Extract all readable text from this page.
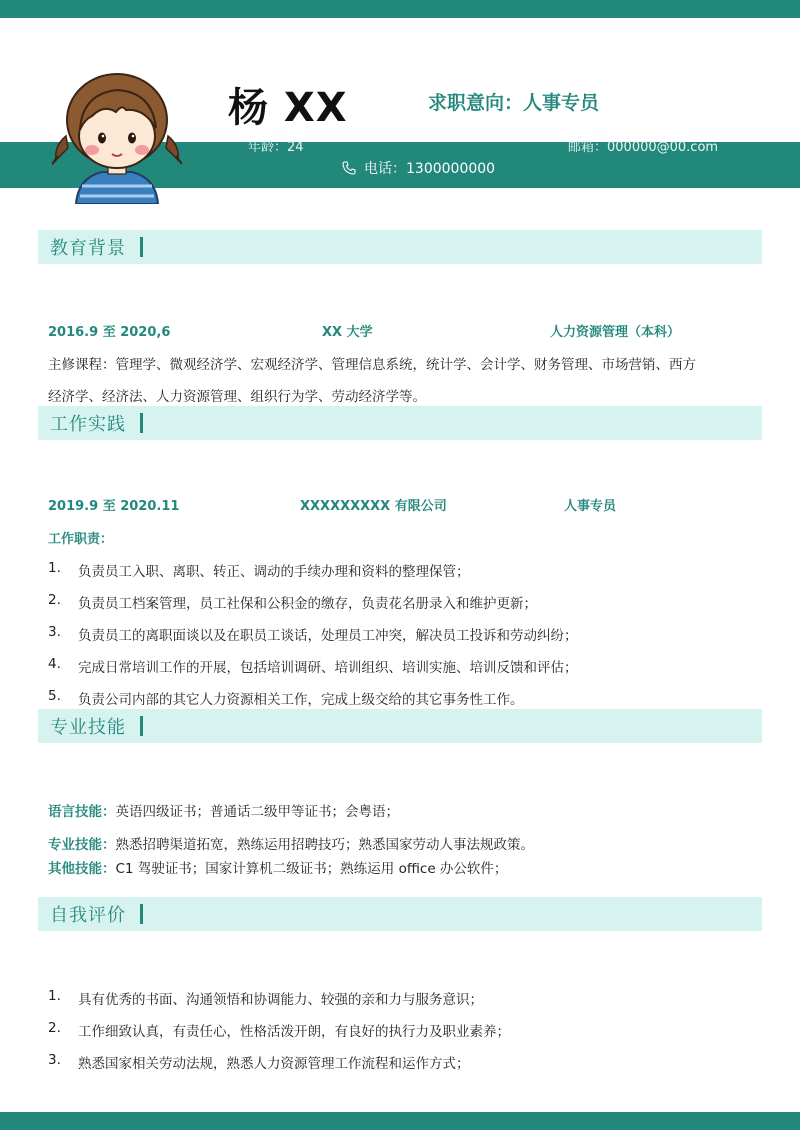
杨 XX	求职意向：人事专员
年龄：24	邮箱：000000@00.com
电话：1300000000
教育背景
2016.9 至 2020,6	XX 大学	人力资源管理（本科）
主修课程：管理学、微观经济学、宏观经济学、管理信息系统，统计学、会计学、财务管理、市场营销、西方
经济学、经济法、人力资源管理、组织行为学、劳动经济学等。
工作实践
2019.9 至 2020.11	XXXXXXXXX 有限公司	人事专员
工作职责：
1. 负责员工入职、离职、转正、调动的手续办理和资料的整理保管；
2. 负责员工档案管理，员工社保和公积金的缴存，负责花名册录入和维护更新；
3. 负责员工的离职面谈以及在职员工谈话，处理员工冲突，解决员工投诉和劳动纠纷；
4. 完成日常培训工作的开展，包括培训调研、培训组织、培训实施、培训反馈和评估；
5. 负责公司内部的其它人力资源相关工作，完成上级交给的其它事务性工作。
专业技能
语言技能：英语四级证书；普通话二级甲等证书；会粤语；
专业技能：熟悉招聘渠道拓宽，熟练运用招聘技巧；熟悉国家劳动人事法规政策。
其他技能：C1 驾驶证书；国家计算机二级证书；熟练运用 office 办公软件；
自我评价
1. 具有优秀的书面、沟通领悟和协调能力、较强的亲和力与服务意识；
2. 工作细致认真，有责任心，性格活泼开朗，有良好的执行力及职业素养；
3. 熟悉国家相关劳动法规，熟悉人力资源管理工作流程和运作方式；
